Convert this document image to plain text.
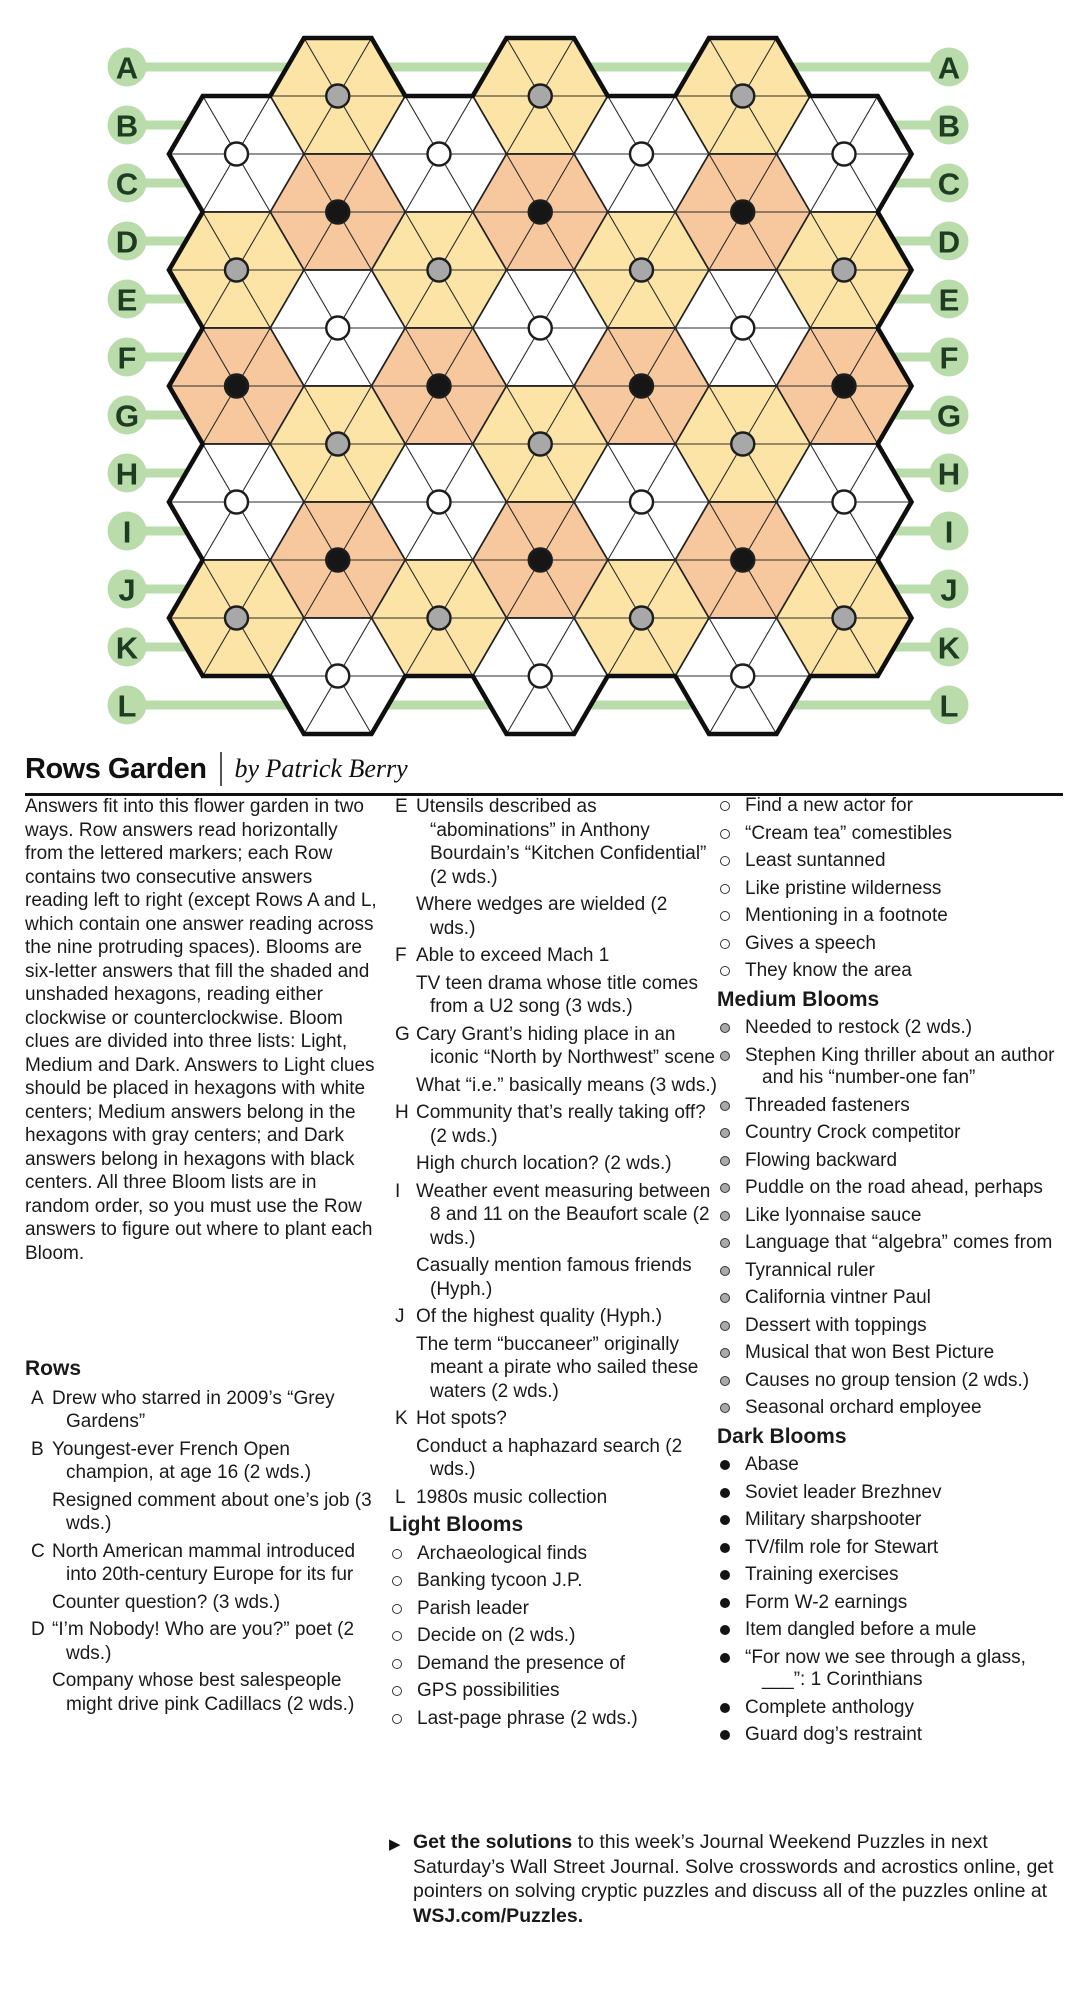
A	A
B	B
C	C
D	D
E	E
F	F
G	G
H	H
I	I
J	J
K	K
L	L
Rows Garden by Patrick Berry

Answers fit into this flower garden in two ways. Row answers read horizontally from the lettered markers; each Row contains two consecutive answers reading left to right (except Rows A and L, which contain one answer reading across the nine protruding spaces). Blooms are six-letter answers that fill the shaded and unshaded hexagons, reading either clockwise or counterclockwise. Bloom clues are divided into three lists: Light, Medium and Dark. Answers to Light clues should be placed in hexagons with white centers; Medium answers belong in the hexagons with gray centers; and Dark answers belong in hexagons with black centers. All three Bloom lists are in random order, so you must use the Row answers to figure out where to plant each Bloom.

Rows
A Drew who starred in 2009’s “Grey Gardens”
B Youngest-ever French Open champion, at age 16 (2 wds.)
Resigned comment about one’s job (3 wds.)
C North American mammal introduced into 20th-century Europe for its fur
Counter question? (3 wds.)
D “I’m Nobody! Who are you?” poet (2 wds.)
Company whose best salespeople might drive pink Cadillacs (2 wds.)
E Utensils described as “abominations” in Anthony Bourdain’s “Kitchen Confidential” (2 wds.)
Where wedges are wielded (2 wds.)
F Able to exceed Mach 1
TV teen drama whose title comes from a U2 song (3 wds.)
G Cary Grant’s hiding place in an iconic “North by Northwest” scene
What “i.e.” basically means (3 wds.)
H Community that’s really taking off? (2 wds.)
High church location? (2 wds.)
I Weather event measuring between 8 and 11 on the Beaufort scale (2 wds.)
Casually mention famous friends (Hyph.)
J Of the highest quality (Hyph.)
The term “buccaneer” originally meant a pirate who sailed these waters (2 wds.)
K Hot spots?
Conduct a haphazard search (2 wds.)
L 1980s music collection
Light Blooms
Archaeological finds
Banking tycoon J.P.
Parish leader
Decide on (2 wds.)
Demand the presence of
GPS possibilities
Last-page phrase (2 wds.)
Find a new actor for
“Cream tea” comestibles
Least suntanned
Like pristine wilderness
Mentioning in a footnote
Gives a speech
They know the area
Medium Blooms
Needed to restock (2 wds.)
Stephen King thriller about an author and his “number-one fan”
Threaded fasteners
Country Crock competitor
Flowing backward
Puddle on the road ahead, perhaps
Like lyonnaise sauce
Language that “algebra” comes from
Tyrannical ruler
California vintner Paul
Dessert with toppings
Musical that won Best Picture
Causes no group tension (2 wds.)
Seasonal orchard employee
Dark Blooms
Abase
Soviet leader Brezhnev
Military sharpshooter
TV/film role for Stewart
Training exercises
Form W-2 earnings
Item dangled before a mule
“For now we see through a glass, ___”: 1 Corinthians
Complete anthology
Guard dog’s restraint
▶ Get the solutions to this week’s Journal Weekend Puzzles in next Saturday’s Wall Street Journal. Solve crosswords and acrostics online, get pointers on solving cryptic puzzles and discuss all of the puzzles online at WSJ.com/Puzzles.
